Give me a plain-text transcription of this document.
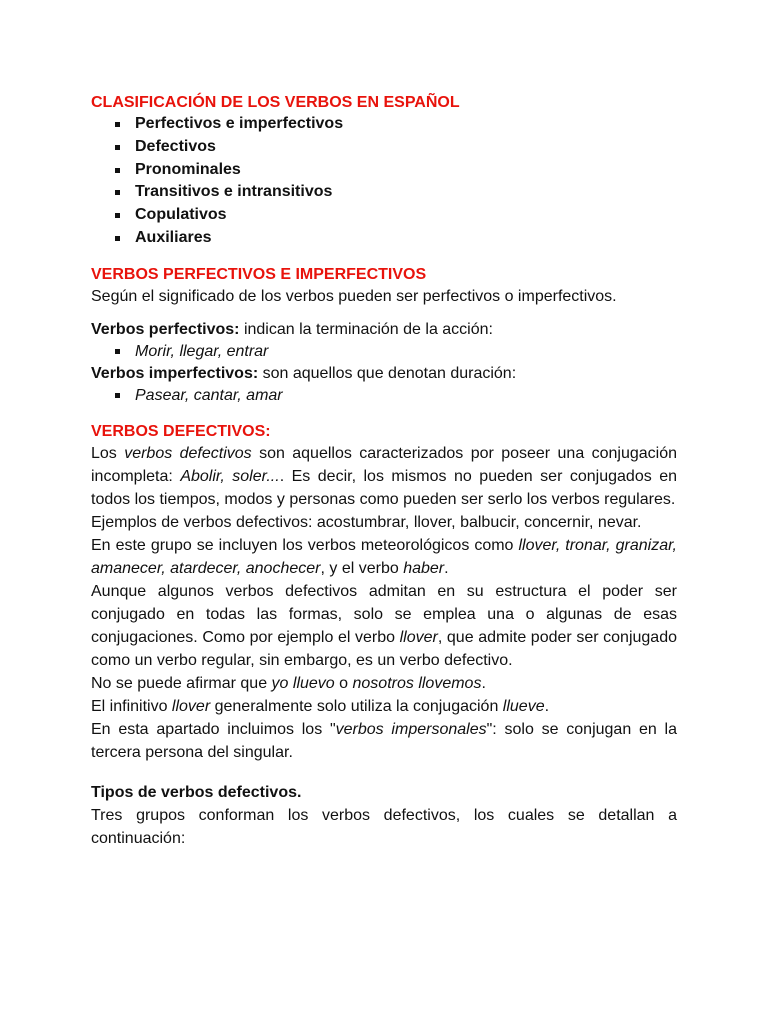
CLASIFICACIÓN DE LOS VERBOS EN ESPAÑOL
Perfectivos e imperfectivos
Defectivos
Pronominales
Transitivos e intransitivos
Copulativos
Auxiliares
VERBOS PERFECTIVOS E IMPERFECTIVOS

Según el significado de los verbos pueden ser perfectivos o imperfectivos.

Verbos perfectivos: indican la terminación de la acción:

Morir, llegar, entrar

Verbos imperfectivos: son aquellos que denotan duración:

Pasear, cantar, amar
VERBOS DEFECTIVOS:

Los verbos defectivos son aquellos caracterizados por poseer una conjugación incompleta: Abolir, soler.... Es decir, los mismos no pueden ser conjugados en todos los tiempos, modos y personas como pueden ser serlo los verbos regulares.

Ejemplos de verbos defectivos: acostumbrar, llover, balbucir, concernir, nevar.

En este grupo se incluyen los verbos meteorológicos como llover, tronar, granizar, amanecer, atardecer, anochecer, y el verbo haber.

Aunque algunos verbos defectivos admitan en su estructura el poder ser conjugado en todas las formas, solo se emplea una o algunas de esas conjugaciones. Como por ejemplo el verbo llover, que admite poder ser conjugado como un verbo regular, sin embargo, es un verbo defectivo.

No se puede afirmar que yo lluevo o nosotros llovemos.

El infinitivo llover generalmente solo utiliza la conjugación llueve.

En esta apartado incluimos los "verbos impersonales": solo se conjugan en la tercera persona del singular.

Tipos de verbos defectivos.

Tres grupos conforman los verbos defectivos, los cuales se detallan a continuación:
